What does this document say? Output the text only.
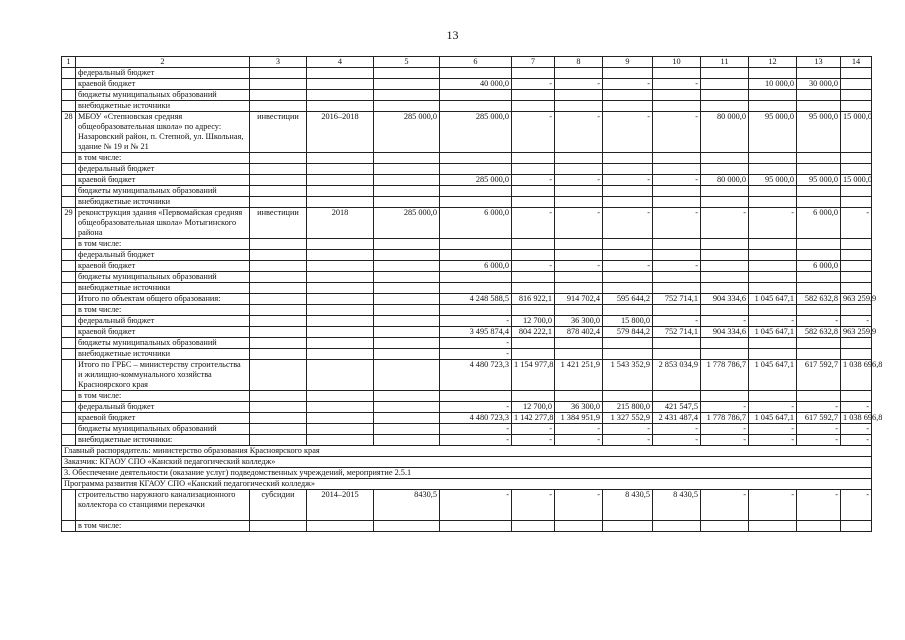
13
1	2	3	4	5	6	7	8	9	10	11	12	13	14
	федеральный бюджет												
	краевой бюджет				40 000,0	-	-	-	-		10 000,0	30 000,0	
	бюджеты муниципальных образований												
	внебюджетные источники												
28	МБОУ «Степновская средняя общеобразовательная школа» по адресу: Назаровский район, п. Степной, ул. Школьная, здание № 19 и № 21	инвестиции	2016–2018	285 000,0	285 000,0	-	-	-	-	80 000,0	95 000,0	95 000,0	15 000,0
	в том числе:												
	федеральный бюджет												
	краевой бюджет				285 000,0	-	-	-	-	80 000,0	95 000,0	95 000,0	15 000,0
	бюджеты муниципальных образований												
	внебюджетные источники												
29	реконструкция здания «Первомайская средняя общеобразовательная школа» Мотыгинского района	инвестиции	2018	285 000,0	6 000,0	-	-	-	-	-	-	6 000,0	-
	в том числе:												
	федеральный бюджет												
	краевой бюджет				6 000,0	-	-	-	-			6 000,0	
	бюджеты муниципальных образований												
	внебюджетные источники												
	Итого по объектам общего образования:				4 248 588,5	816 922,1	914 702,4	595 644,2	752 714,1	904 334,6	1 045 647,1	582 632,8	963 259,9
	в том числе:												
	федеральный бюджет				-	12 700,0	36 300,0	15 800,0	-	-	-	-	-
	краевой бюджет				3 495 874,4	804 222,1	878 402,4	579 844,2	752 714,1	904 334,6	1 045 647,1	582 632,8	963 259,9
	бюджеты муниципальных образований				-								
	внебюджетные источники				-								
	Итого по ГРБС – министерству строительства и жилищно-коммунального хозяйства Красноярского края				4 480 723,3	1 154 977,8	1 421 251,9	1 543 352,9	2 853 034,9	1 778 786,7	1 045 647,1	617 592,7	1 038 696,8
	в том числе:												
	федеральный бюджет				-	12 700,0	36 300,0	215 800,0	421 547,5	-	-	-	-
	краевой бюджет				4 480 723,3	1 142 277,8	1 384 951,9	1 327 552,9	2 431 487,4	1 778 786,7	1 045 647,1	617 592,7	1 038 696,8
	бюджеты муниципальных образований				-	-	-	-	-	-	-	-	-
	внебюджетные источники:				-	-	-	-	-	-	-	-	-
Главный распорядитель: министерство образования Красноярского края													
Заказчик: КГАОУ СПО «Канский педагогический колледж»													
3. Обеспечение деятельности (оказание услуг) подведомственных учреждений, мероприятие 2.5.1													
Программа развития КГАОУ СПО «Канский педагогический колледж»													
	строительство наружного канализационного коллектора со станциями перекачки	субсидии	2014–2015	8430,5	-	-	-	8 430,5	8 430,5	-	-	-	-
	в том числе:												
